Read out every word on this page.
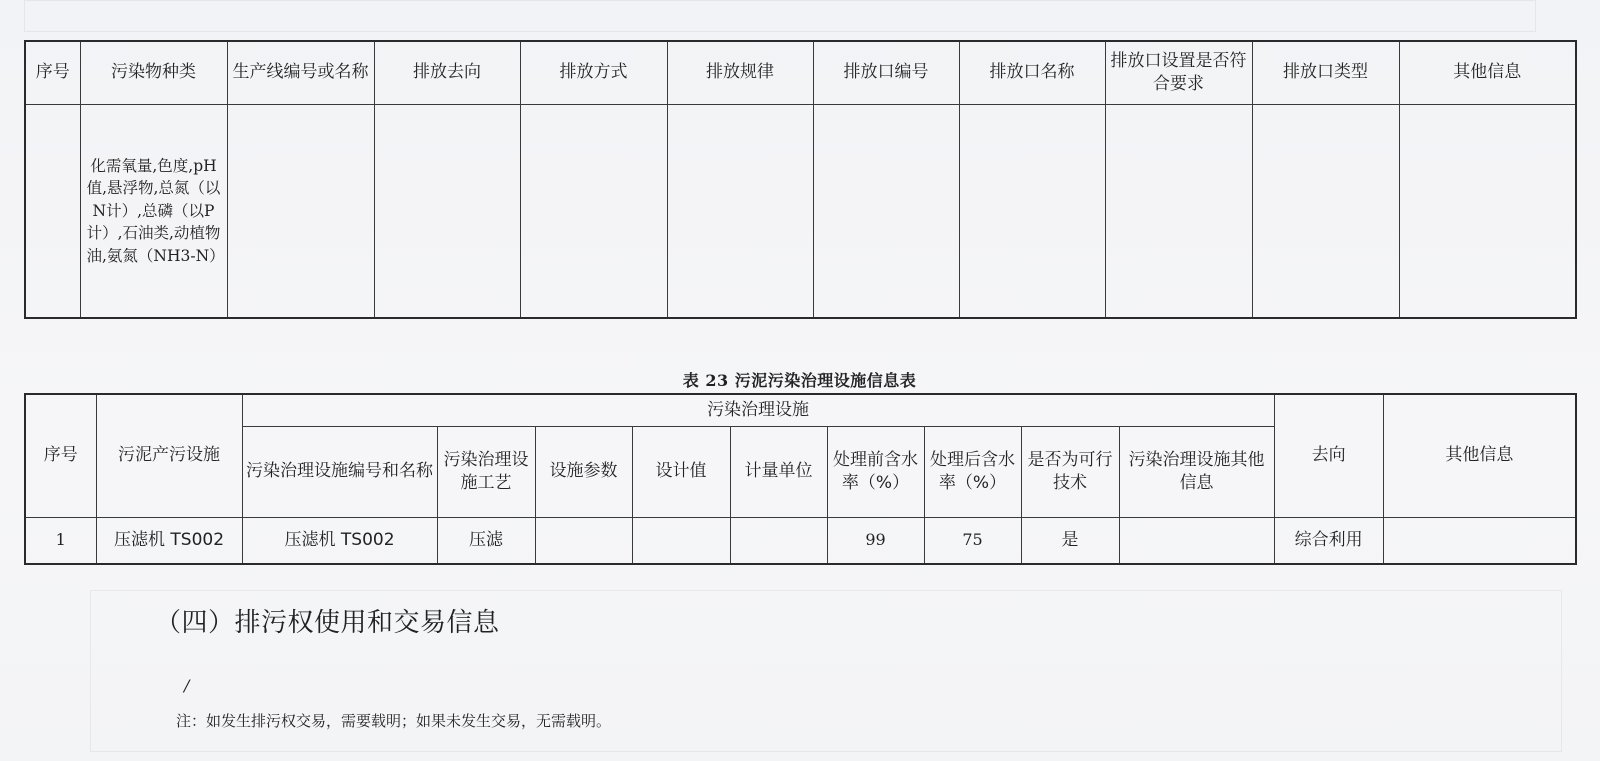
序号	污染物种类	生产线编号或名称	排放去向	排放方式	排放规律	排放口编号	排放口名称	排放口设置是否符合要求	排放口类型	其他信息
	化需氧量,色度,pH值,悬浮物,总氮（以N计）,总磷（以P计）,石油类,动植物油,氨氮（NH3-N）									
表 23 污泥污染治理设施信息表
序号	污泥产污设施	污染治理设施									去向	其他信息
		污染治理设施编号和名称	污染治理设施工艺	设施参数	设计值	计量单位	处理前含水率（%）	处理后含水率（%）	是否为可行技术	污染治理设施其他信息		
1	压滤机 TS002	压滤机 TS002	压滤				99	75	是		综合利用	
（四）排污权使用和交易信息
/
注：如发生排污权交易，需要载明；如果未发生交易，无需载明。
